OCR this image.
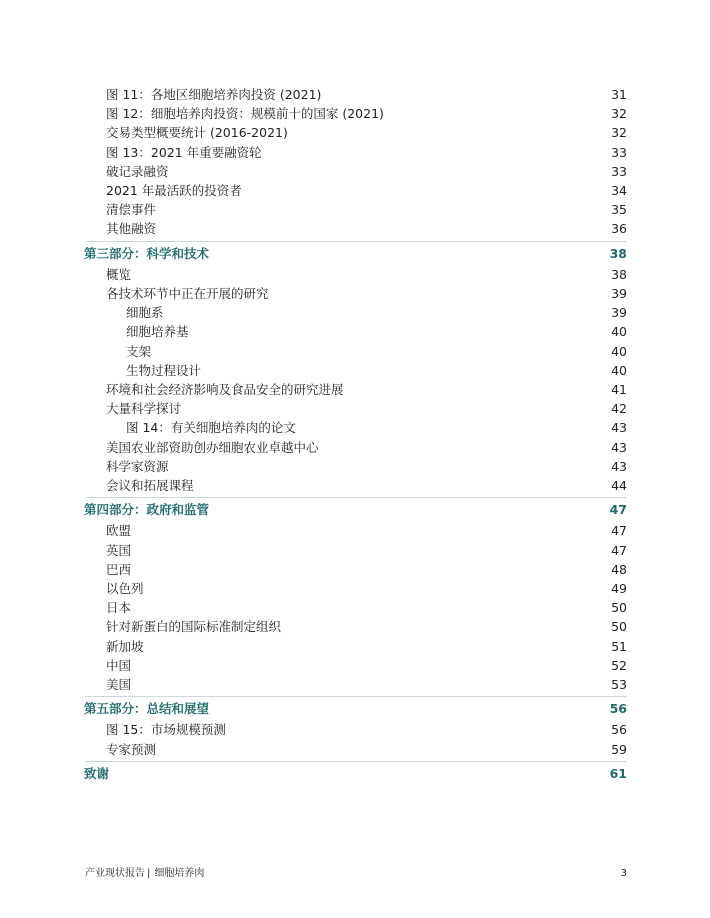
图 11：各地区细胞培养肉投资 (2021)	31
图 12：细胞培养肉投资：规模前十的国家 (2021)	32
交易类型概要统计 (2016-2021)	32
图 13：2021 年重要融资轮	33
破记录融资	33
2021 年最活跃的投资者	34
清偿事件	35
其他融资	36
第三部分：科学和技术	38
概览	38
各技术环节中正在开展的研究	39
细胞系	39
细胞培养基	40
支架	40
生物过程设计	40
环境和社会经济影响及食品安全的研究进展	41
大量科学探讨	42
图 14：有关细胞培养肉的论文	43
美国农业部资助创办细胞农业卓越中心	43
科学家资源	43
会议和拓展课程	44
第四部分：政府和监管	47
欧盟	47
英国	47
巴西	48
以色列	49
日本	50
针对新蛋白的国际标准制定组织	50
新加坡	51
中国	52
美国	53
第五部分：总结和展望	56
图 15：市场规模预测	56
专家预测	59
致谢	61
产业现状报告 | 细胞培养肉	3
